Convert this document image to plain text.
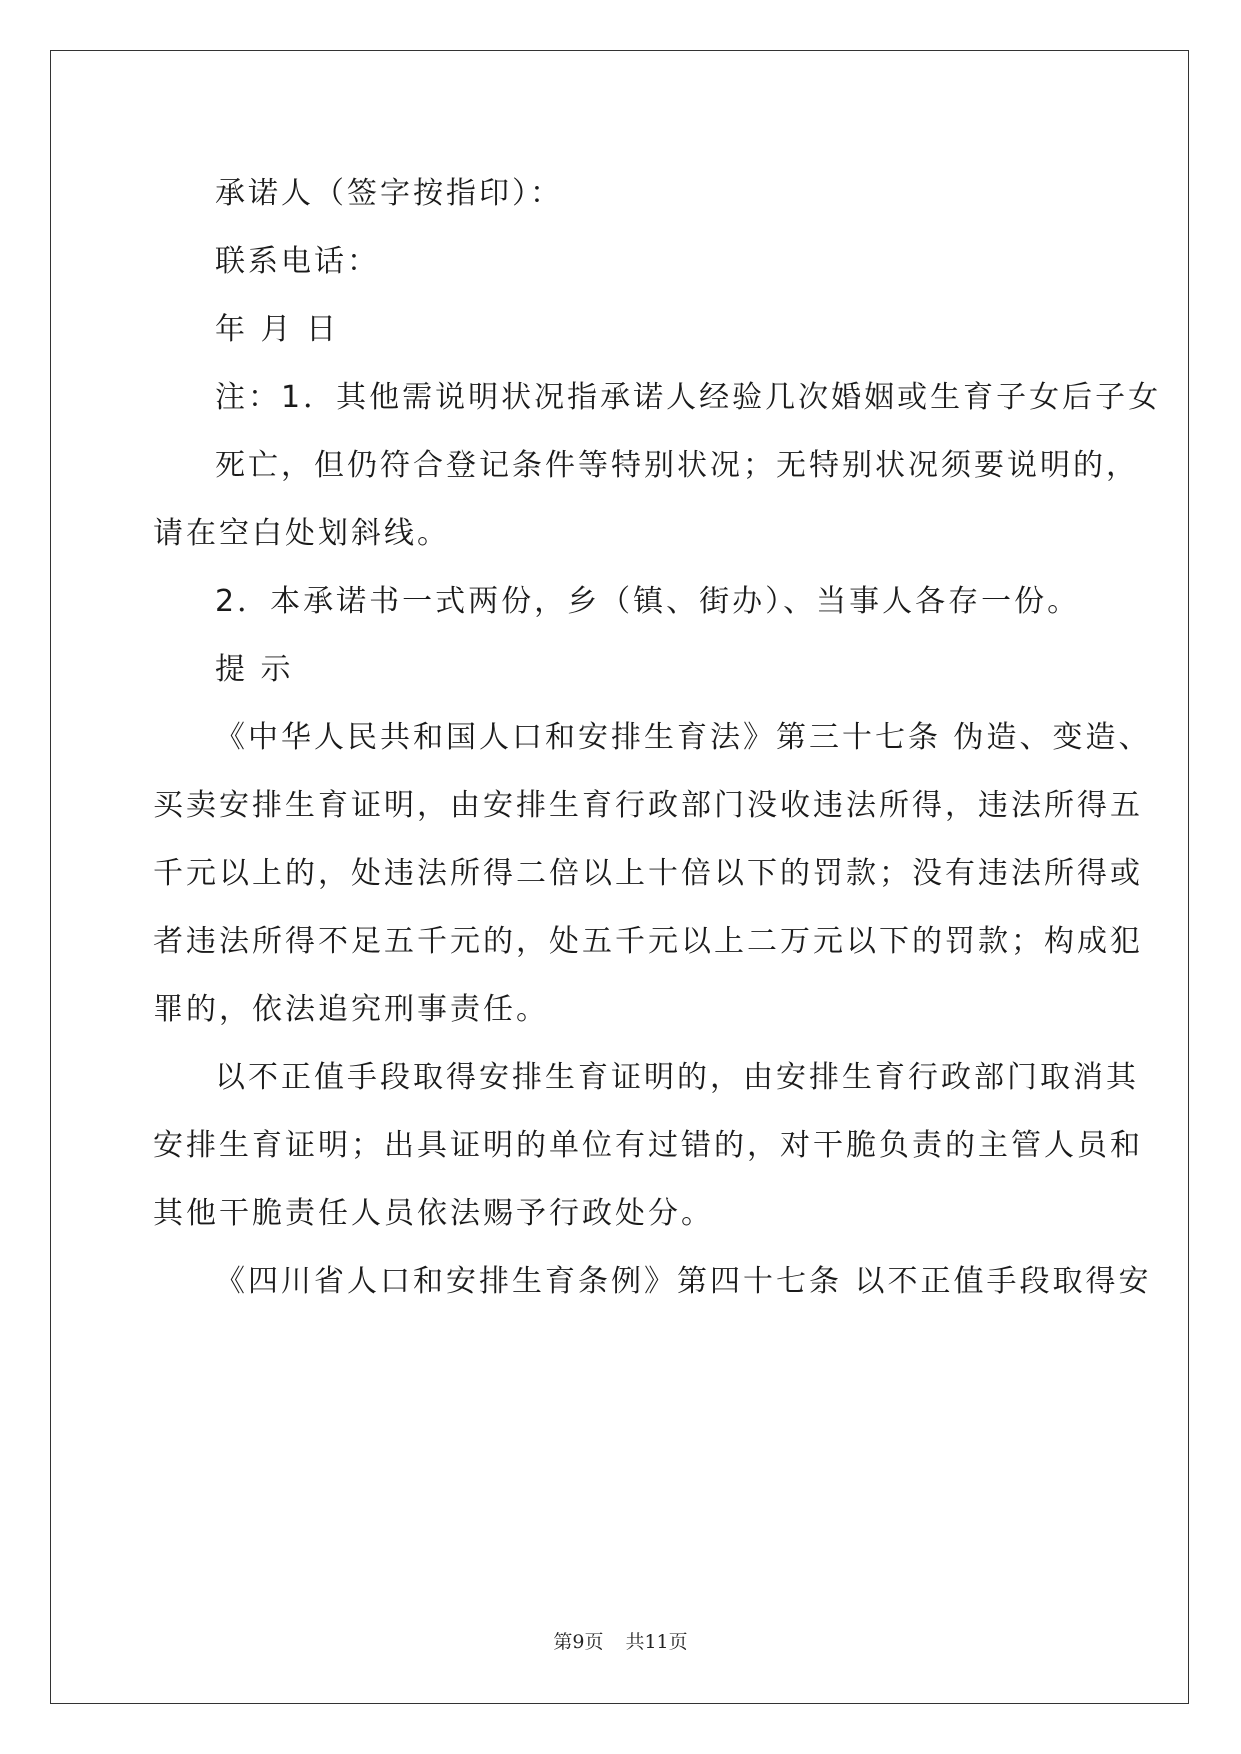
承诺人（签字按指印）：

联系电话：

年 月 日

注：1．其他需说明状况指承诺人经验几次婚姻或生育子女后子女

死亡，但仍符合登记条件等特别状况；无特别状况须要说明的，

请在空白处划斜线。

2．本承诺书一式两份，乡（镇、街办）、当事人各存一份。

提 示

《中华人民共和国人口和安排生育法》第三十七条 伪造、变造、

买卖安排生育证明，由安排生育行政部门没收违法所得，违法所得五

千元以上的，处违法所得二倍以上十倍以下的罚款；没有违法所得或

者违法所得不足五千元的，处五千元以上二万元以下的罚款；构成犯

罪的，依法追究刑事责任。

以不正值手段取得安排生育证明的，由安排生育行政部门取消其

安排生育证明；出具证明的单位有过错的，对干脆负责的主管人员和

其他干脆责任人员依法赐予行政处分。

《四川省人口和安排生育条例》第四十七条 以不正值手段取得安

第9页 共11页
